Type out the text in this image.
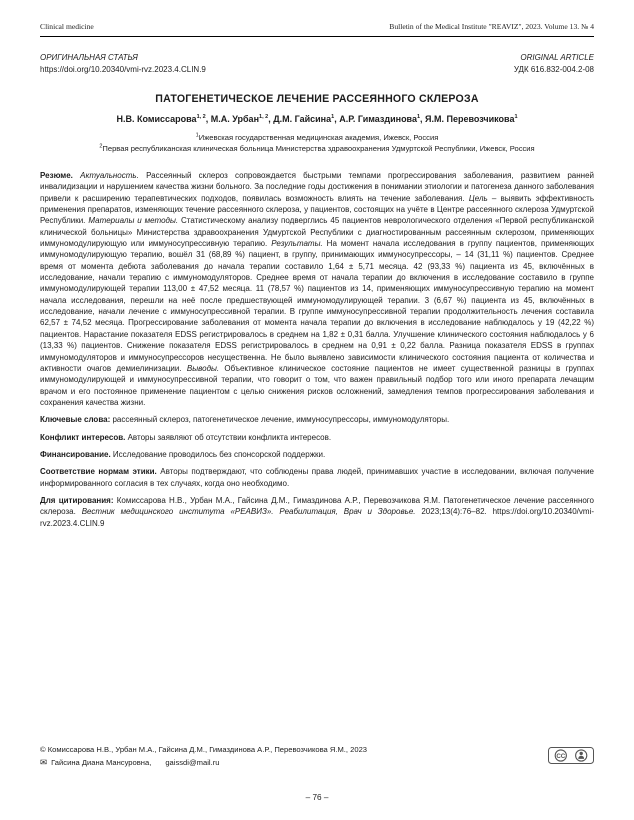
Clinical medicine	Bulletin of the Medical Institute "REAVIZ", 2023. Volume 13. № 4
ОРИГИНАЛЬНАЯ СТАТЬЯ
https://doi.org/10.20340/vmi-rvz.2023.4.CLIN.9
ORIGINAL ARTICLE
УДК 616.832-004.2-08
ПАТОГЕНЕТИЧЕСКОЕ ЛЕЧЕНИЕ РАССЕЯННОГО СКЛЕРОЗА
Н.В. Комиссарова$^{1, 2}$, М.А. Урбан$^{1, 2}$, Д.М. Гайсина$^1$, А.Р. Гимаздинова$^1$, Я.М. Перевозчикова$^1$
$^1$Ижевская государственная медицинская академия, Ижевск, Россия
$^2$Первая республиканская клиническая больница Министерства здравоохранения Удмуртской Республики, Ижевск, Россия

Резюме. Актуальность. Рассеянный склероз сопровождается быстрыми темпами прогрессирования заболевания, развитием ранней инвалидизации и нарушением качества жизни больного. За последние годы достижения в понимании этиологии и патогенеза данного заболевания привели к расширению терапевтических подходов, появилась возможность влиять на течение заболевания. Цель – выявить эффективность применения препаратов, изменяющих течение рассеянного склероза, у пациентов, состоящих на учёте в Центре рассеянного склероза Удмуртской Республики. Материалы и методы. Статистическому анализу подверглись 45 пациентов неврологического отделения «Первой республиканской клинической больницы» Министерства здравоохранения Удмуртской Республики с диагностированным рассеянным склерозом, применяющих иммуномодулирующую или иммуносупрессивную терапию. Результаты. На момент начала исследования в группу пациентов, применяющих иммуномодулирующую терапию, вошёл 31 (68,89 %) пациент, в группу, принимающих иммуносупрессоры, – 14 (31,11 %) пациентов. Среднее время от момента дебюта заболевания до начала терапии составило 1,64 ± 5,71 месяца. 42 (93,33 %) пациента из 45, включённых в исследование, начали терапию с иммуномодуляторов. Среднее время от начала терапии до включения в исследование составило в группе иммуномодулирующей терапии 113,00 ± 47,52 месяца. 11 (78,57 %) пациентов из 14, применяющих иммуносупрессивную терапию на момент начала исследования, перешли на неё после предшествующей иммуномодулирующей терапии. 3 (6,67 %) пациента из 45, включённых в исследование, начали лечение с иммуносупрессивной терапии. В группе иммуносупрессивной терапии продолжительность лечения составила 62,57 ± 74,52 месяца. Прогрессирование заболевания от момента начала терапии до включения в исследование наблюдалось у 19 (42,22 %) пациентов. Нарастание показателя EDSS регистрировалось в среднем на 1,82 ± 0,31 балла. Улучшение клинического состояния наблюдалось у 6 (13,33 %) пациентов. Снижение показателя EDSS регистрировалось в среднем на 0,91 ± 0,22 балла. Разница показателя EDSS в группах иммуномодуляторов и иммуносупрессоров несущественна. Не было выявлено зависимости клинического состояния пациента от количества и активности очагов демиелинизации. Выводы. Объективное клиническое состояние пациентов не имеет существенной разницы в группах иммуномодулирующей и иммуносупрессивной терапии, что говорит о том, что важен правильный подбор того или иного препарата лечащим врачом и его постоянное применение пациентом с целью снижения рисков осложнений, замедления темпов прогрессирования заболевания и сохранения качества жизни.

Ключевые слова: рассеянный склероз, патогенетическое лечение, иммуносупрессоры, иммуномодуляторы.

Конфликт интересов. Авторы заявляют об отсутствии конфликта интересов.

Финансирование. Исследование проводилось без спонсорской поддержки.

Соответствие нормам этики. Авторы подтверждают, что соблюдены права людей, принимавших участие в исследовании, включая получение информированного согласия в тех случаях, когда оно необходимо.

Для цитирования: Комиссарова Н.В., Урбан М.А., Гайсина Д.М., Гимаздинова А.Р., Перевозчикова Я.М. Патогенетическое лечение рассеянного склероза. Вестник медицинского института «РЕАВИЗ». Реабилитация, Врач и Здоровье. 2023;13(4):76–82. https://doi.org/10.20340/vmi-rvz.2023.4.CLIN.9

© Комиссарова Н.В., Урбан М.А., Гайсина Д.М., Гимаздинова А.Р., Перевозчикова Я.М., 2023
✉ Гайсина Диана Мансуровна, gaissdi@mail.ru
CC
– 76 –
